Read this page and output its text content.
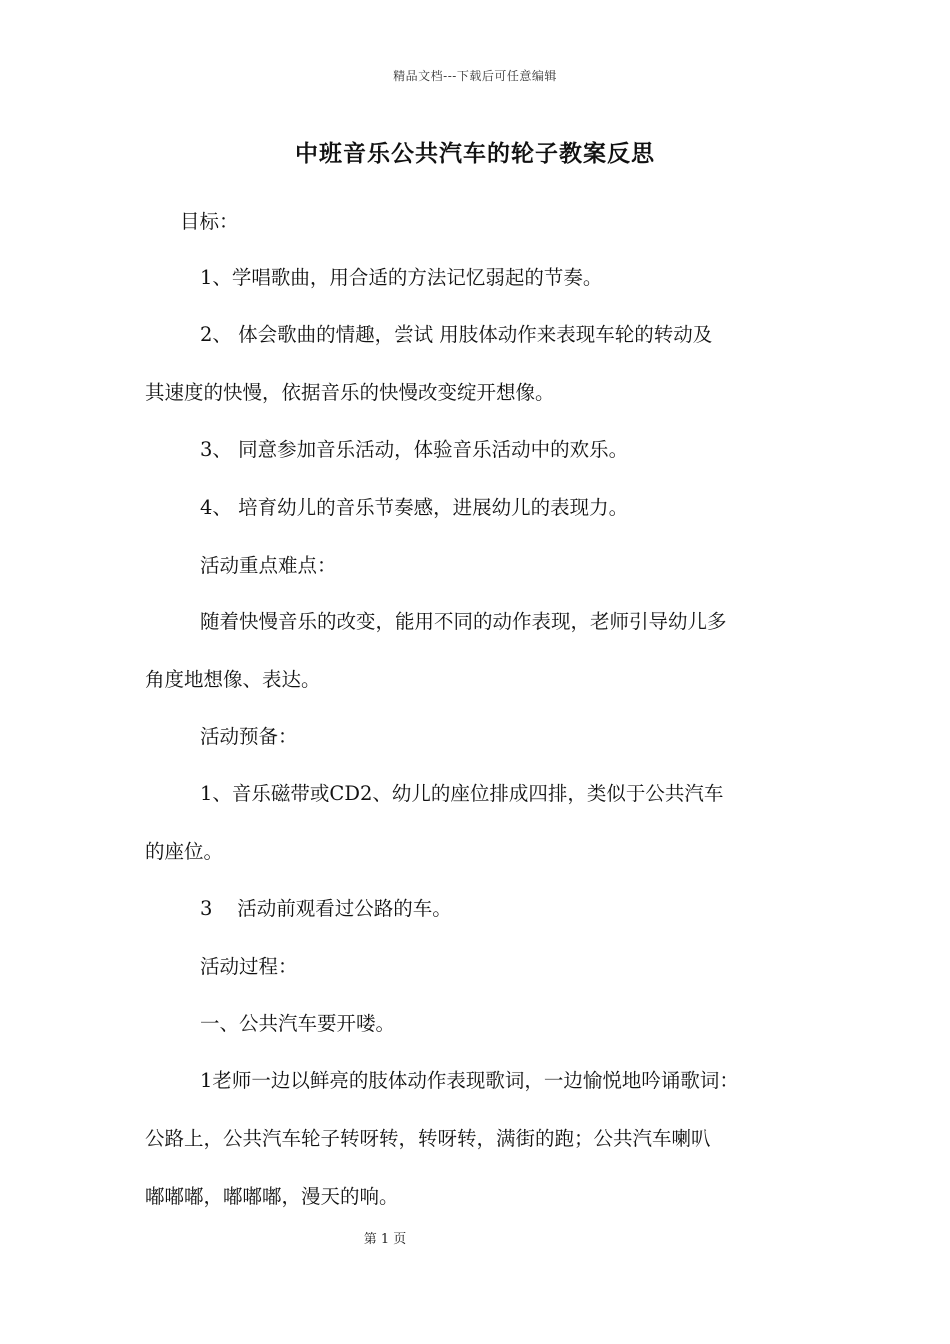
精品文档---下载后可任意编辑
中班音乐公共汽车的轮子教案反思
目标：
1、学唱歌曲，用合适的方法记忆弱起的节奏。
2、 体会歌曲的情趣，尝试 用肢体动作来表现车轮的转动及
其速度的快慢，依据音乐的快慢改变绽开想像。
3、 同意参加音乐活动，体验音乐活动中的欢乐。
4、 培育幼儿的音乐节奏感，进展幼儿的表现力。
活动重点难点：
随着快慢音乐的改变，能用不同的动作表现，老师引导幼儿多
角度地想像、表达。
活动预备：
1、音乐磁带或CD2、幼儿的座位排成四排，类似于公共汽车
的座位。
3    活动前观看过公路的车。
活动过程：
一、公共汽车要开喽。
1老师一边以鲜亮的肢体动作表现歌词，一边愉悦地吟诵歌词：
公路上，公共汽车轮子转呀转，转呀转，满街的跑；公共汽车喇叭
嘟嘟嘟，嘟嘟嘟，漫天的响。
第 1 页
